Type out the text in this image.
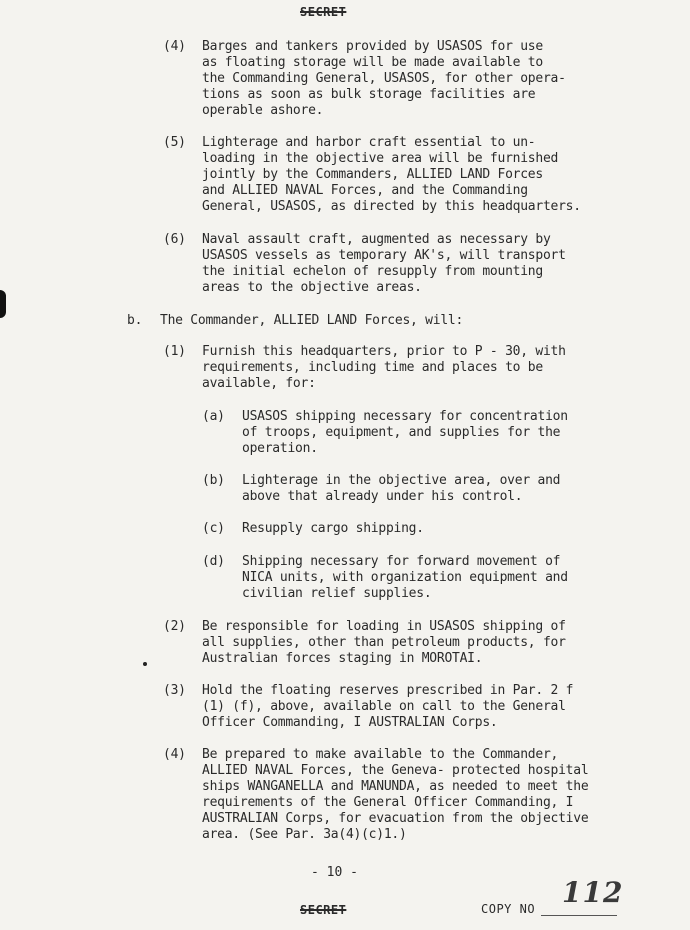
SECRET
(4) Barges and tankers provided by USASOS for use
as floating storage will be made available to
the Commanding General, USASOS, for other opera-
tions as soon as bulk storage facilities are
operable ashore.
(5) Lighterage and harbor craft essential to un-
loading in the objective area will be furnished
jointly by the Commanders, ALLIED LAND Forces
and ALLIED NAVAL Forces, and the Commanding
General, USASOS, as directed by this headquarters.
(6) Naval assault craft, augmented as necessary by
USASOS vessels as temporary AK's, will transport
the initial echelon of resupply from mounting
areas to the objective areas.
b. The Commander, ALLIED LAND Forces, will:
(1) Furnish this headquarters, prior to P - 30, with
requirements, including time and places to be
available, for:
(a) USASOS shipping necessary for concentration
of troops, equipment, and supplies for the
operation.
(b) Lighterage in the objective area, over and
above that already under his control.
(c) Resupply cargo shipping.
(d) Shipping necessary for forward movement of
NICA units, with organization equipment and
civilian relief supplies.
(2) Be responsible for loading in USASOS shipping of
all supplies, other than petroleum products, for
Australian forces staging in MOROTAI.
(3) Hold the floating reserves prescribed in Par. 2 f
(1) (f), above, available on call to the General
Officer Commanding, I AUSTRALIAN Corps.
(4) Be prepared to make available to the Commander,
ALLIED NAVAL Forces, the Geneva- protected hospital
ships WANGANELLA and MANUNDA, as needed to meet the
requirements of the General Officer Commanding, I
AUSTRALIAN Corps, for evacuation from the objective
area. (See Par. 3a(4)(c)1.)
- 10 -
SECRET	COPY NO 112
